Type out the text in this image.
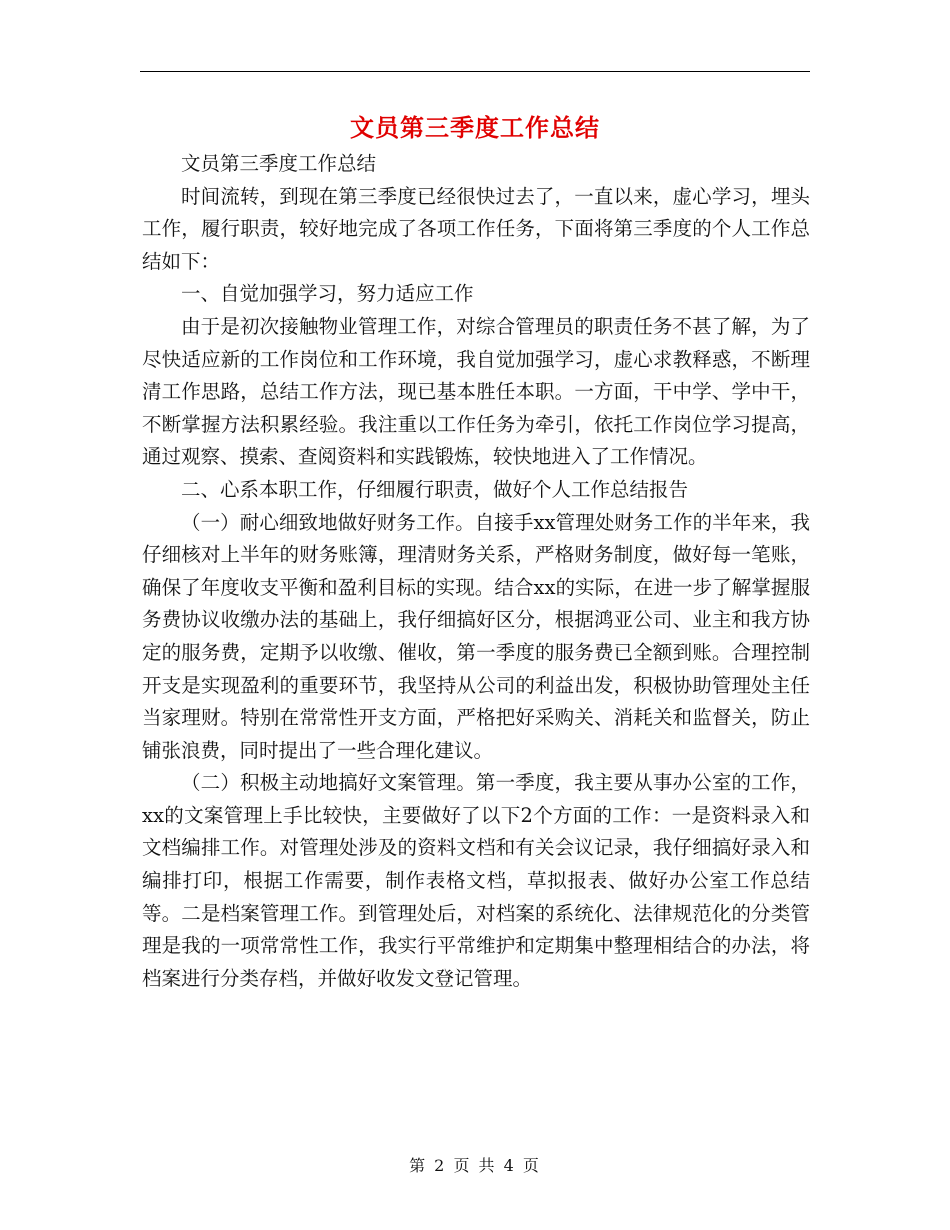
文员第三季度工作总结

文员第三季度工作总结

时间流转，到现在第三季度已经很快过去了，一直以来，虚心学习，埋头工作，履行职责，较好地完成了各项工作任务，下面将第三季度的个人工作总结如下：

一、自觉加强学习，努力适应工作

由于是初次接触物业管理工作，对综合管理员的职责任务不甚了解，为了尽快适应新的工作岗位和工作环境，我自觉加强学习，虚心求教释惑，不断理清工作思路，总结工作方法，现已基本胜任本职。一方面，干中学、学中干，不断掌握方法积累经验。我注重以工作任务为牵引，依托工作岗位学习提高，通过观察、摸索、查阅资料和实践锻炼，较快地进入了工作情况。

二、心系本职工作，仔细履行职责，做好个人工作总结报告

（一）耐心细致地做好财务工作。自接手xx管理处财务工作的半年来，我仔细核对上半年的财务账簿，理清财务关系，严格财务制度，做好每一笔账，确保了年度收支平衡和盈利目标的实现。结合xx的实际，在进一步了解掌握服务费协议收缴办法的基础上，我仔细搞好区分，根据鸿亚公司、业主和我方协定的服务费，定期予以收缴、催收，第一季度的服务费已全额到账。合理控制开支是实现盈利的重要环节，我坚持从公司的利益出发，积极协助管理处主任当家理财。特别在常常性开支方面，严格把好采购关、消耗关和监督关，防止铺张浪费，同时提出了一些合理化建议。

（二）积极主动地搞好文案管理。第一季度，我主要从事办公室的工作，xx的文案管理上手比较快，主要做好了以下2个方面的工作：一是资料录入和文档编排工作。对管理处涉及的资料文档和有关会议记录，我仔细搞好录入和编排打印，根据工作需要，制作表格文档，草拟报表、做好办公室工作总结等。二是档案管理工作。到管理处后，对档案的系统化、法律规范化的分类管理是我的一项常常性工作，我实行平常维护和定期集中整理相结合的办法，将档案进行分类存档，并做好收发文登记管理。

第 2 页 共 4 页
